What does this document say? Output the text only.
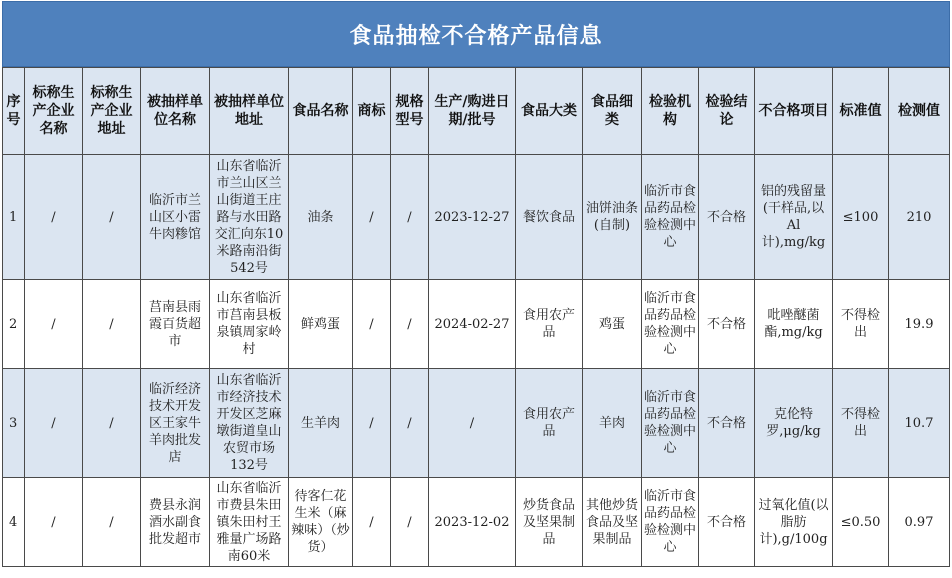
食品抽检不合格产品信息
序号	标称生产企业名称	标称生产企业地址	被抽样单位名称	被抽样单位地址	食品名称	商标	规格型号	生产/购进日期/批号	食品大类	食品细类	检验机构	检验结论	不合格项目	标准值	检测值
1	/	/	临沂市兰山区小雷牛肉糁馆	山东省临沂市兰山区兰山街道王庄路与水田路交汇向东10米路南沿街542号	油条	/	/	2023-12-27	餐饮食品	油饼油条(自制)	临沂市食品药品检验检测中心	不合格	铝的残留量(干样品,以 Al 计),mg/kg	≤100	210
2	/	/	莒南县雨霞百货超市	山东省临沂市莒南县板泉镇周家岭村	鲜鸡蛋	/	/	2024-02-27	食用农产品	鸡蛋	临沂市食品药品检验检测中心	不合格	吡唑醚菌酯,mg/kg	不得检出	19.9
3	/	/	临沂经济技术开发区王家牛羊肉批发店	山东省临沂市经济技术开发区芝麻墩街道皇山农贸市场132号	生羊肉	/	/	/	食用农产品	羊肉	临沂市食品药品检验检测中心	不合格	克伦特罗,μg/kg	不得检出	10.7
4	/	/	费县永润酒水副食批发超市	山东省临沂市费县朱田镇朱田村王雅量广场路南60米	待客仁花生米（麻辣味）（炒货）	/	/	2023-12-02	炒货食品及坚果制品	其他炒货食品及坚果制品	临沂市食品药品检验检测中心	不合格	过氧化值(以脂肪计),g/100g	≤0.50	0.97
